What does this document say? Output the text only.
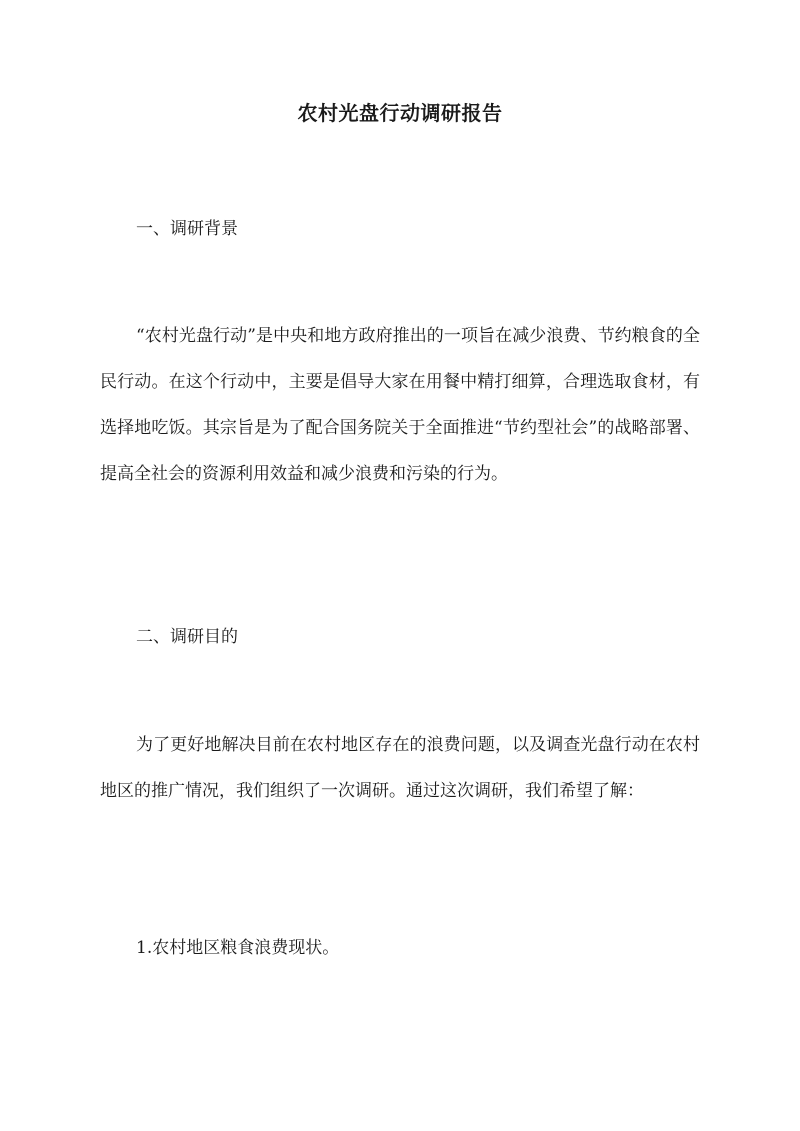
农村光盘行动调研报告
一、调研背景

“农村光盘行动”是中央和地方政府推出的一项旨在减少浪费、节约粮食的全民行动。在这个行动中，主要是倡导大家在用餐中精打细算，合理选取食材，有选择地吃饭。其宗旨是为了配合国务院关于全面推进“节约型社会”的战略部署、提高全社会的资源利用效益和减少浪费和污染的行为。

二、调研目的

为了更好地解决目前在农村地区存在的浪费问题，以及调查光盘行动在农村地区的推广情况，我们组织了一次调研。通过这次调研，我们希望了解：

1.农村地区粮食浪费现状。
